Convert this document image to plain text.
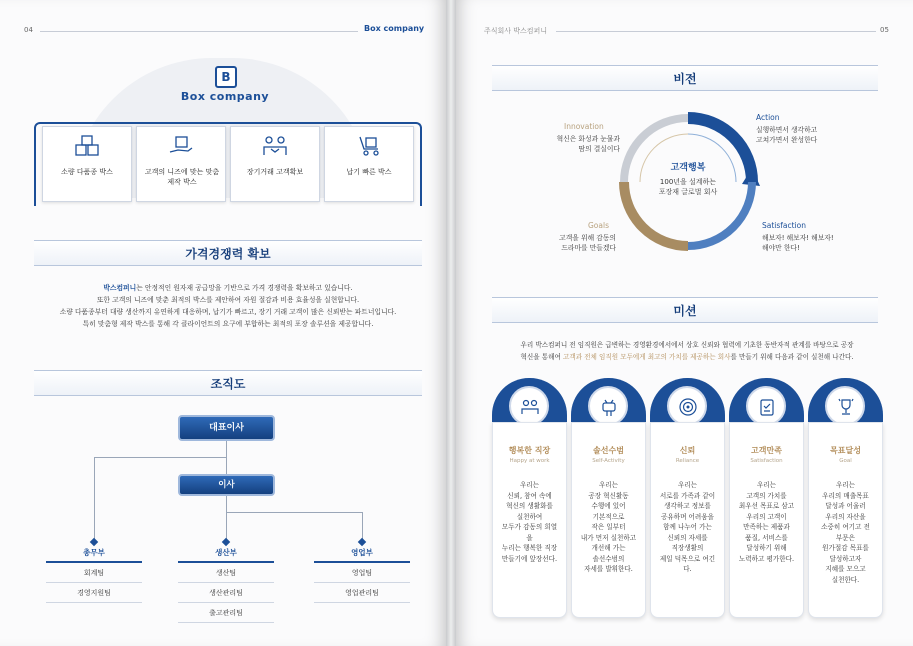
04	Box company
B
Box company
소량 다품종 박스	고객의 니즈에 맞는 맞춤 제작 박스
장기거래 고객확보	납기 빠른 박스
가격경쟁력 확보
박스컴퍼니는 안정적인 원자재 공급망을 기반으로 가격 경쟁력을 확보하고 있습니다.
또한 고객의 니즈에 맞춘 최적의 박스를 제안하여 자원 절감과 비용 효율성을 실현합니다.
소량 다품종부터 대량 생산까지 유연하게 대응하며, 납기가 빠르고, 장기 거래 고객이 많은 신뢰받는 파트너입니다.
특히 맞춤형 제작 박스를 통해 각 클라이언트의 요구에 부합하는 최적의 포장 솔루션을 제공합니다.
조직도
대표이사
이사
총무부
회계팀
경영지원팀
생산부
생산팀
생산관리팀
출고관리팀
영업부
영업팀
영업관리팀
주식회사 박스컴퍼니	05
비전
고객행복
100년을 설계하는
포장재 글로벌 회사
Innovation
혁신은 화성과 눈물과
땀의 결실이다
Action
실행하면서 생각하고
고쳐가면서 완성한다
Goals
고객을 위해 감동의
드라마를 만들겠다
Satisfaction
해보자! 해보자! 해보자!
해야만 한다!
미션
우리 박스컴퍼니 전 임직원은 급변하는 경영환경에서에서 상호 신뢰와 협력에 기초한 동반자적 관계를 바탕으로 공장
혁신을 통해여 고객과 전체 임직원 모두에게 최고의 가치를 제공하는 회사를 만들기 위해 다음과 같이 실천해 나간다.
행복한 직장
Happy at work
우리는
신뢰, 참여 속에
혁신의 생활화를
실천하여
모두가 감동의 희열을
누리는 행복한 직장
만들기에 앞장선다.
솔선수범
Self-Activity
우리는
공장 혁신활동
수행에 있어
기본적으로
작은 일부터
내가 먼저 실천하고
개선해 가는
솔선수범의
자세를 발휘한다.
신뢰
Reliance
우리는
서로를 가족과 같이
생각하고 정보를
공유하며 어려움을
함께 나누어 가는
신뢰의 자세를
직장생활의
제일 덕목으로 여긴다.
고객만족
Satisfaction
우리는
고객의 가치를
최우선 목표로 삼고
우리의 고객이
만족하는 제품과
품질, 서비스를
달성하기 위해
노력하고 평가한다.
목표달성
Goal
우리는
우리의 매출목표
달성과 어울러
우리의 자산을
소중히 여기고 전
부문은
원가절감 목표를
달성하고자
지혜를 모으고
실천한다.
